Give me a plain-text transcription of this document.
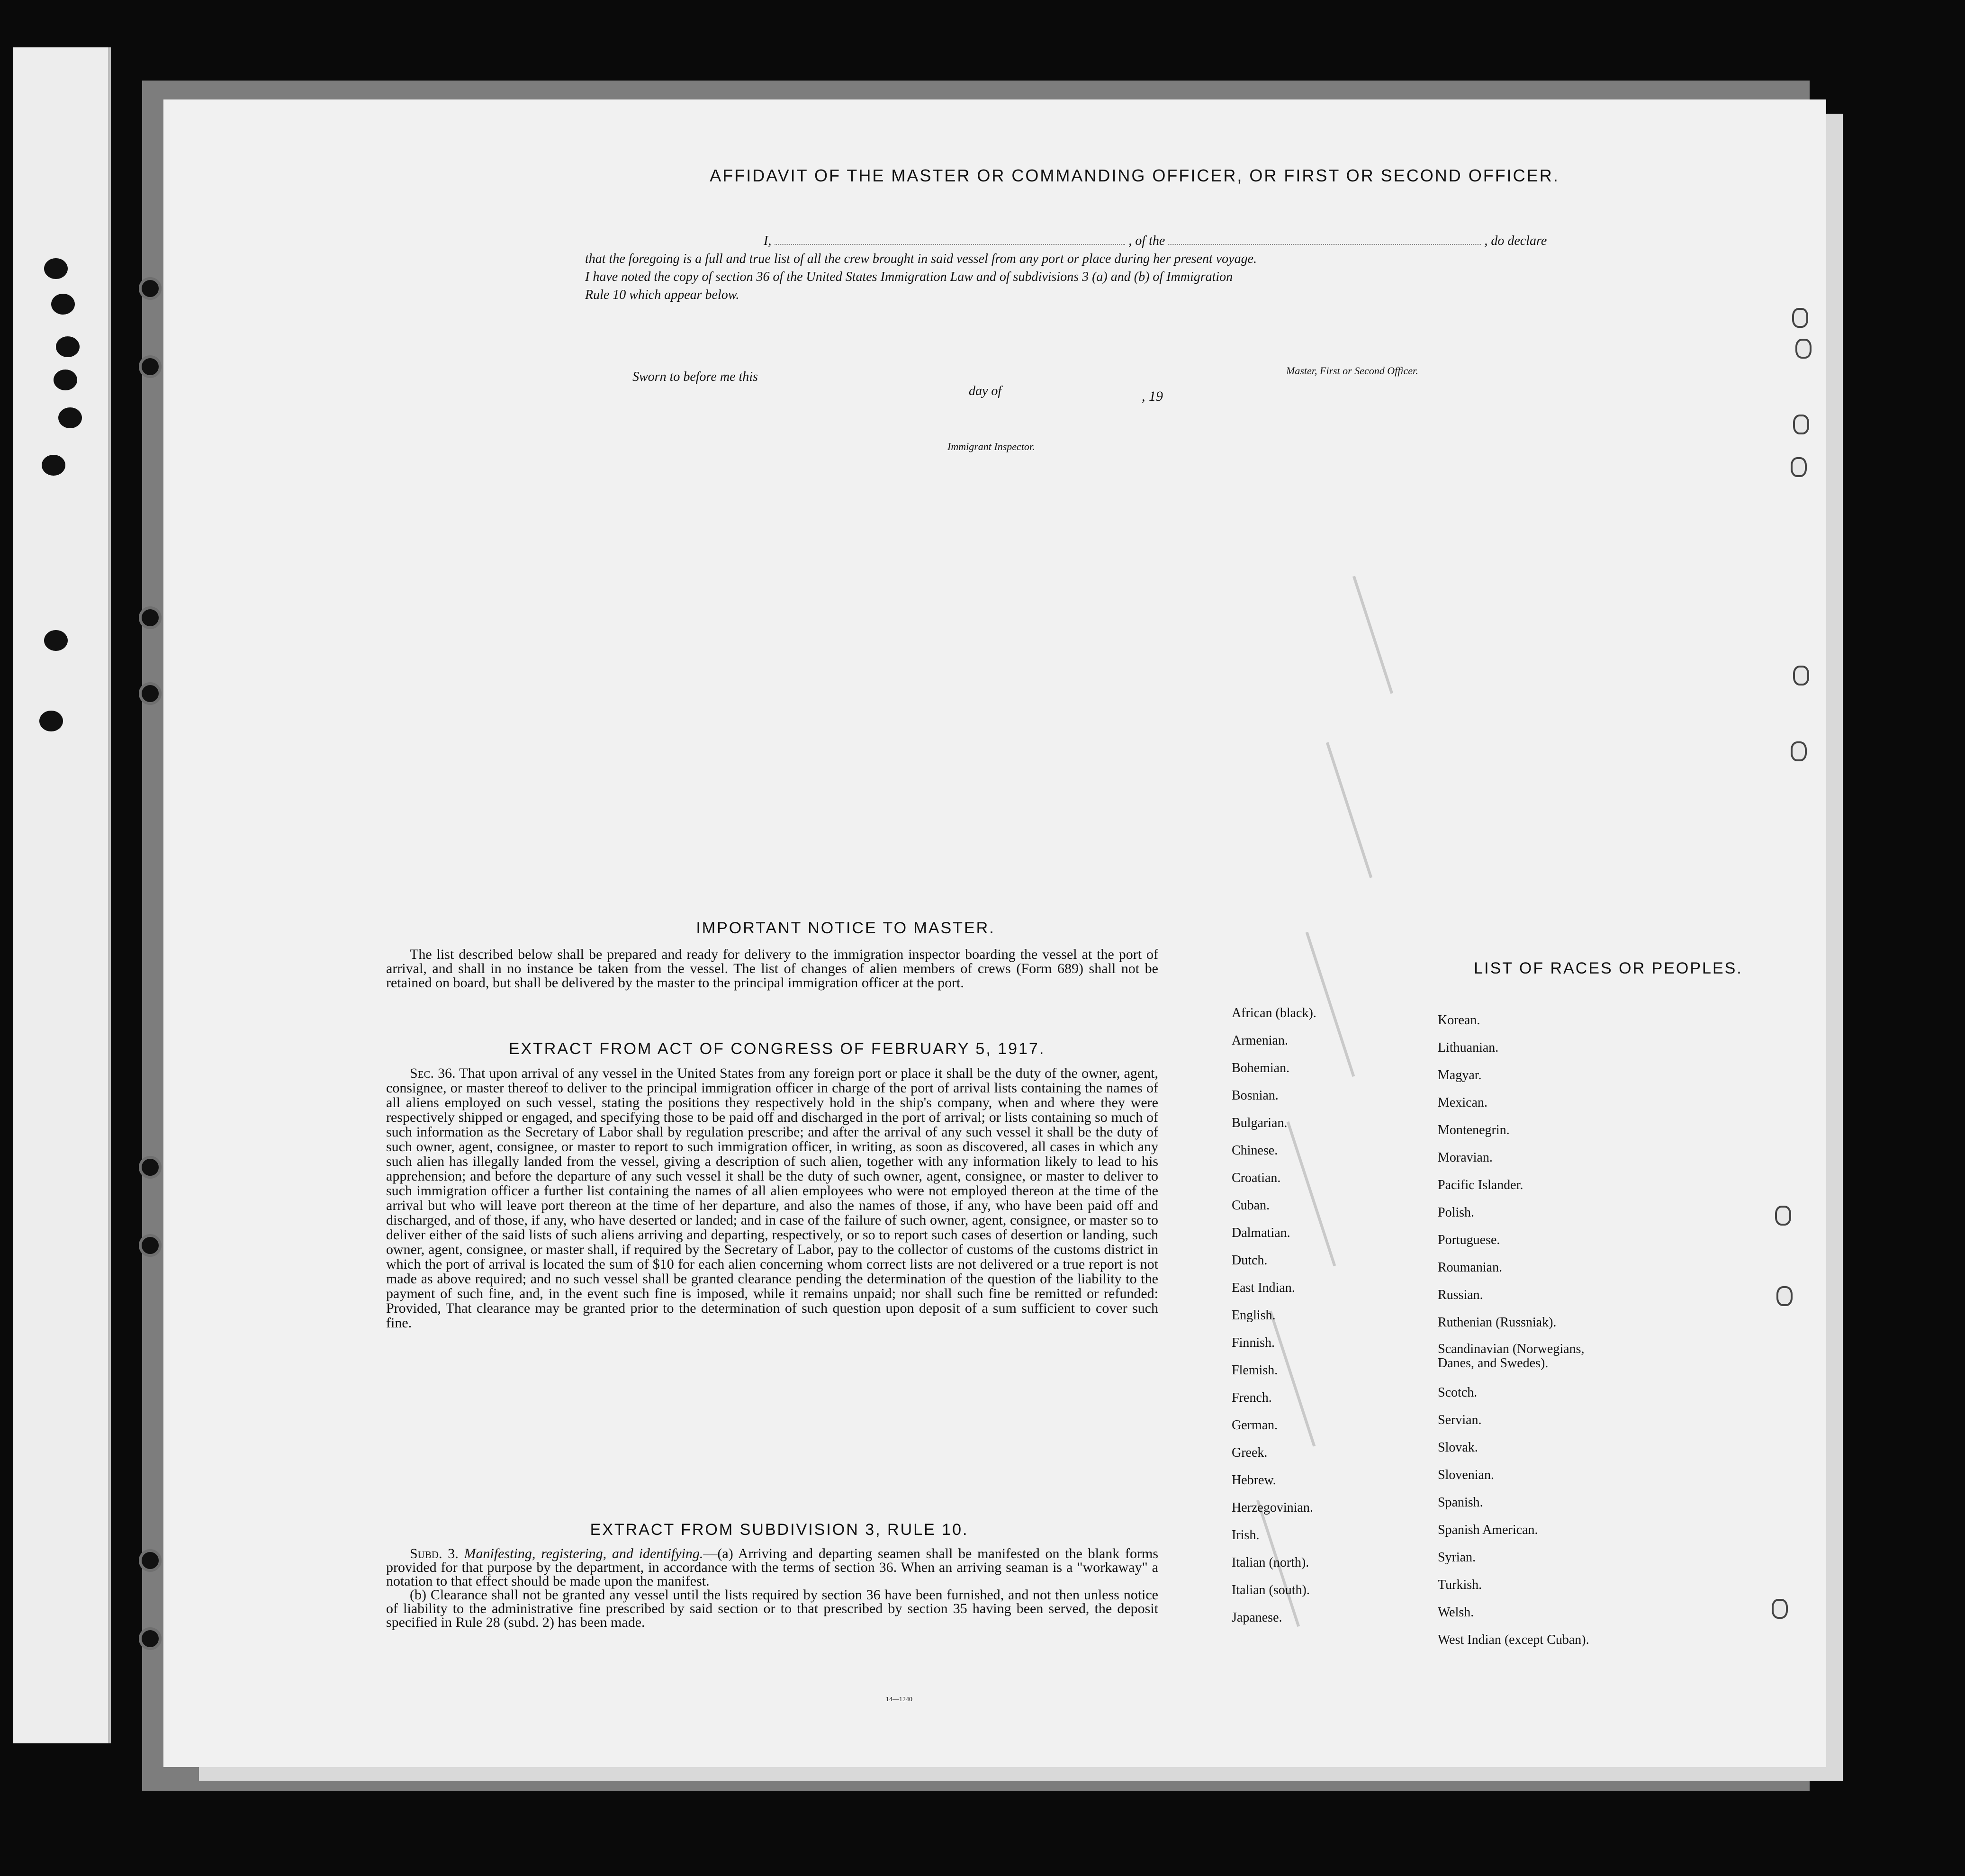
AFFIDAVIT OF THE MASTER OR COMMANDING OFFICER, OR FIRST OR SECOND OFFICER.
I,	, of the	, do declare
that the foregoing is a full and true list of all the crew brought in said vessel from any port or place during her present voyage.
I have noted the copy of section 36 of the United States Immigration Law and of subdivisions 3 (a) and (b) of Immigration
Rule 10 which appear below.
Sworn to before me this
day of	, 19
Master, First or Second Officer.
Immigrant Inspector.
IMPORTANT NOTICE TO MASTER.
The list described below shall be prepared and ready for delivery to the immigration inspector boarding the vessel at the port of arrival, and shall in no instance be taken from the vessel. The list of changes of alien members of crews (Form 689) shall not be retained on board, but shall be delivered by the master to the principal immigration officer at the port.
EXTRACT FROM ACT OF CONGRESS OF FEBRUARY 5, 1917.
Sec. 36. That upon arrival of any vessel in the United States from any foreign port or place it shall be the duty of the owner, agent, consignee, or master thereof to deliver to the principal immigration officer in charge of the port of arrival lists containing the names of all aliens employed on such vessel, stating the positions they respectively hold in the ship's company, when and where they were respectively shipped or engaged, and specifying those to be paid off and discharged in the port of arrival; or lists containing so much of such information as the Secretary of Labor shall by regulation prescribe; and after the arrival of any such vessel it shall be the duty of such owner, agent, consignee, or master to report to such immigration officer, in writing, as soon as discovered, all cases in which any such alien has illegally landed from the vessel, giving a description of such alien, together with any information likely to lead to his apprehension; and before the departure of any such vessel it shall be the duty of such owner, agent, consignee, or master to deliver to such immigration officer a further list containing the names of all alien employees who were not employed thereon at the time of the arrival but who will leave port thereon at the time of her departure, and also the names of those, if any, who have been paid off and discharged, and of those, if any, who have deserted or landed; and in case of the failure of such owner, agent, consignee, or master so to deliver either of the said lists of such aliens arriving and departing, respectively, or so to report such cases of desertion or landing, such owner, agent, consignee, or master shall, if required by the Secretary of Labor, pay to the collector of customs of the customs district in which the port of arrival is located the sum of $10 for each alien concerning whom correct lists are not delivered or a true report is not made as above required; and no such vessel shall be granted clearance pending the determination of the question of the liability to the payment of such fine, and, in the event such fine is imposed, while it remains unpaid; nor shall such fine be remitted or refunded: Provided, That clearance may be granted prior to the determination of such question upon deposit of a sum sufficient to cover such fine.
EXTRACT FROM SUBDIVISION 3, RULE 10.
Subd. 3. Manifesting, registering, and identifying.—(a) Arriving and departing seamen shall be manifested on the blank forms provided for that purpose by the department, in accordance with the terms of section 36. When an arriving seaman is a "workaway" a notation to that effect should be made upon the manifest.
(b) Clearance shall not be granted any vessel until the lists required by section 36 have been furnished, and not then unless notice of liability to the administrative fine prescribed by said section or to that prescribed by section 35 having been served, the deposit specified in Rule 28 (subd. 2) has been made.
14—1240
LIST OF RACES OR PEOPLES.
African (black).
Armenian.
Bohemian.
Bosnian.
Bulgarian.
Chinese.
Croatian.
Cuban.
Dalmatian.
Dutch.
East Indian.
English.
Finnish.
Flemish.
French.
German.
Greek.
Hebrew.
Herzegovinian.
Irish.
Italian (north).
Italian (south).
Japanese.
Korean.
Lithuanian.
Magyar.
Mexican.
Montenegrin.
Moravian.
Pacific Islander.
Polish.
Portuguese.
Roumanian.
Russian.
Ruthenian (Russniak).
Scandinavian (Norwegians, Danes, and Swedes).
Scotch.
Servian.
Slovak.
Slovenian.
Spanish.
Spanish American.
Syrian.
Turkish.
Welsh.
West Indian (except Cuban).
